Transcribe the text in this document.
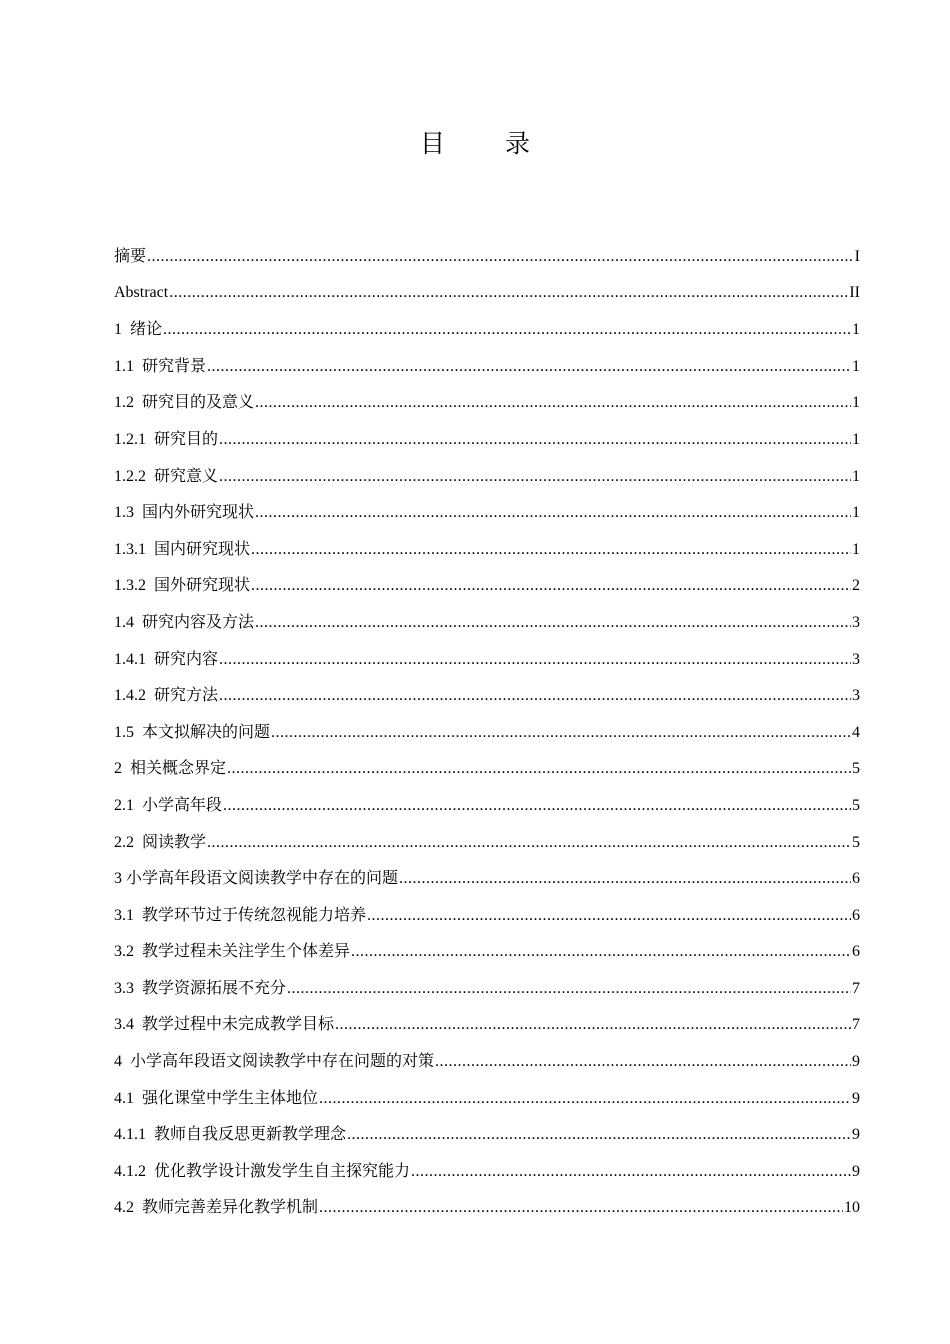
目 录
摘要 .....	I
Abstract .....	II
1 绪论 .....	1
1.1 研究背景 .....	1
1.2 研究目的及意义 .....	1
1.2.1 研究目的 .....	1
1.2.2 研究意义 .....	1
1.3 国内外研究现状 .....	1
1.3.1 国内研究现状 .....	1
1.3.2 国外研究现状 .....	2
1.4 研究内容及方法 .....	3
1.4.1 研究内容 .....	3
1.4.2 研究方法 .....	3
1.5 本文拟解决的问题 .....	4
2 相关概念界定 .....	5
2.1 小学高年段 .....	5
2.2 阅读教学 .....	5
3 小学高年段语文阅读教学中存在的问题 .....	6
3.1 教学环节过于传统忽视能力培养 .....	6
3.2 教学过程未关注学生个体差异 .....	6
3.3 教学资源拓展不充分 .....	7
3.4 教学过程中未完成教学目标 .....	7
4 小学高年段语文阅读教学中存在问题的对策 .....	9
4.1 强化课堂中学生主体地位 .....	9
4.1.1 教师自我反思更新教学理念 .....	9
4.1.2 优化教学设计激发学生自主探究能力 .....	9
4.2 教师完善差异化教学机制 .....	10
